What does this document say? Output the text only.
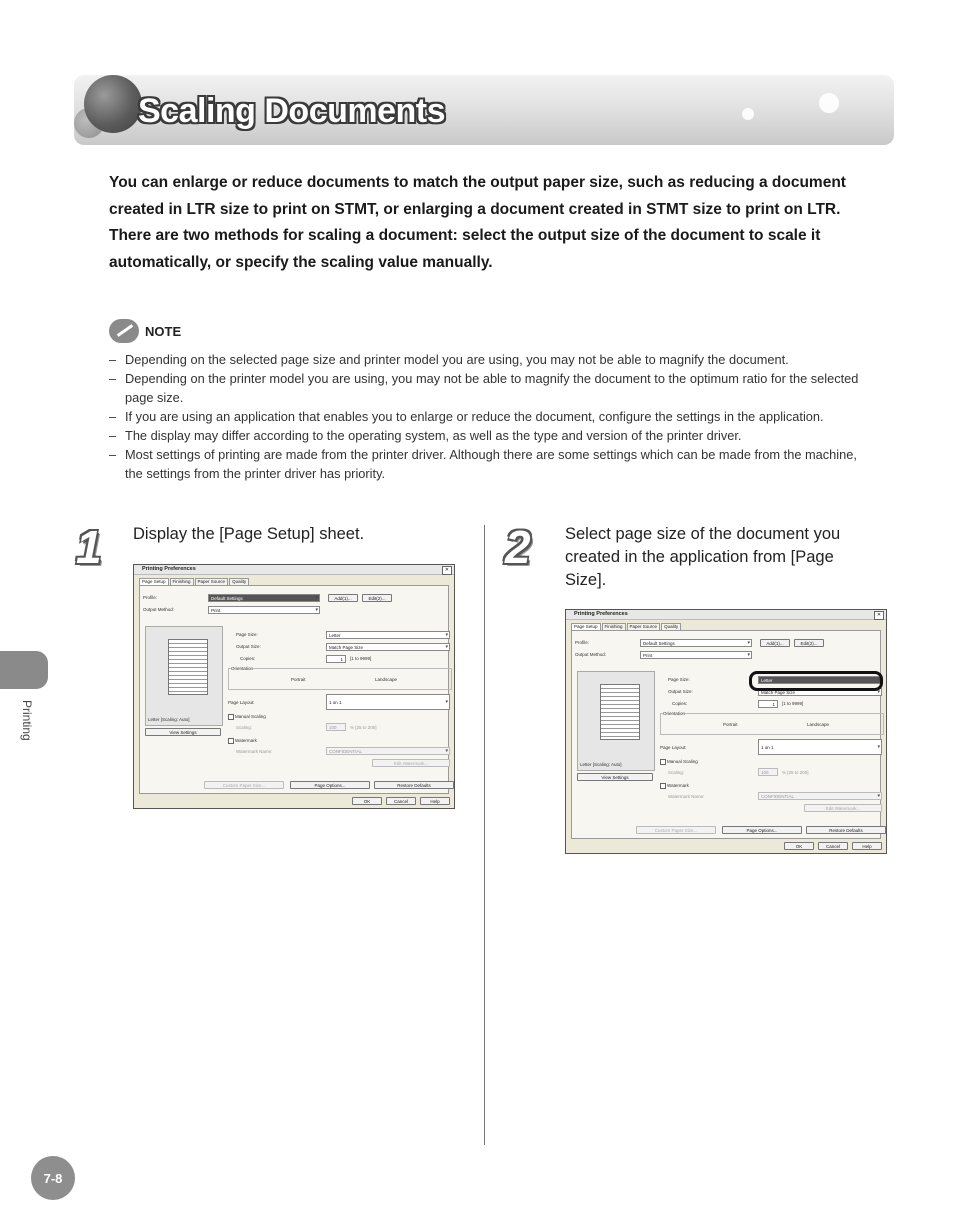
Scaling Documents

You can enlarge or reduce documents to match the output paper size, such as reducing a document created in LTR size to print on STMT, or enlarging a document created in STMT size to print on LTR.

There are two methods for scaling a document: select the output size of the document to scale it automatically, or specify the scaling value manually.

NOTE
– Depending on the selected page size and printer model you are using, you may not be able to magnify the document.
– Depending on the printer model you are using, you may not be able to magnify the document to the optimum ratio for the selected page size.
– If you are using an application that enables you to enlarge or reduce the document, configure the settings in the application.
– The display may differ according to the operating system, as well as the type and version of the printer driver.
– Most settings of printing are made from the printer driver. Although there are some settings which can be made from the machine, the settings from the printer driver has priority.
Printing
1 Display the [Page Setup] sheet.	2 Select page size of the document you created in the application from [Page Size].
Printing Preferences	✕
Page Setup	Finishing	Paper Source	Quality
Profile:	Default Settings ▾	Add(1)...	Edit(2)...
Output Method:	Print ▾
Letter [Scaling: Auto]
View Settings
Page Size:	Letter ▾
Output Size:	Match Page Size ▾
Copies:	1	[1 to 9999]
Orientation
Portrait	Landscape
Page Layout:	1 on 1 ▾
Manual Scaling
Scaling:	100	% [25 to 200]
Watermark
Watermark Name:	CONFIDENTIAL ▾
Edit Watermark...
Custom Paper Size...	Page Options...	Restore Defaults
OK	Cancel	Help
Printing Preferences	✕
Page Setup	Finishing	Paper Source	Quality
Profile:	Default Settings ▾	Add(1)...	Edit(2)...
Output Method:	Print ▾
Letter [Scaling: Auto]
View Settings
Page Size:	Letter ▾
Output Size:	Match Page Size ▾
Copies:	1	[1 to 9999]
Orientation
Portrait	Landscape
Page Layout:	1 on 1 ▾
Manual Scaling
Scaling:	100	% [25 to 200]
Watermark
Watermark Name:	CONFIDENTIAL ▾
Edit Watermark...
Custom Paper Size...	Page Options...	Restore Defaults
OK	Cancel	Help
7-8
